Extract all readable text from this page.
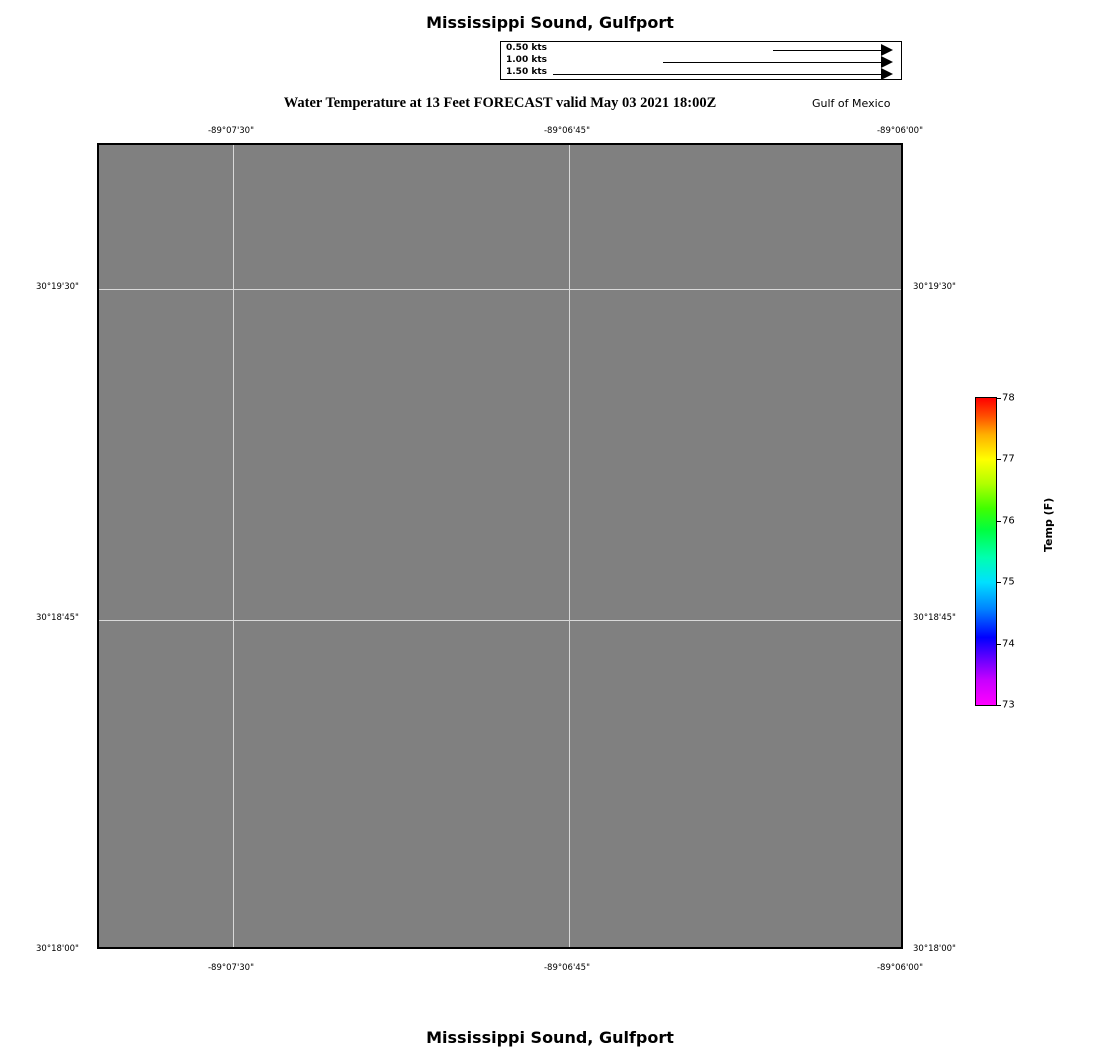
Mississippi Sound, Gulfport
0.50 kts
1.00 kts
1.50 kts
Water Temperature at 13 Feet FORECAST valid May 03 2021 18:00Z	Gulf of Mexico
-89°07'30"	-89°06'45"	-89°06'00"
-89°07'30"	-89°06'45"	-89°06'00"
30°19'30"
30°18'45"
30°18'00"
30°19'30"
30°18'45"
30°18'00"
73
74
75
76
77
78
Temp (F)
Mississippi Sound, Gulfport
